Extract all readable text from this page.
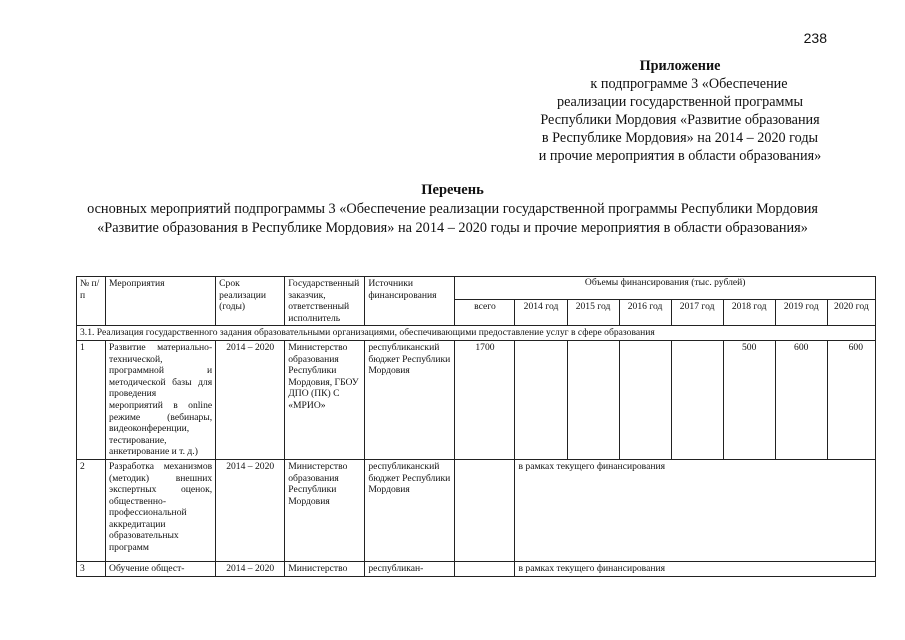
238
Приложение
к подпрограмме 3 «Обеспечение
реализации государственной программы
Республики Мордовия «Развитие образования
в Республике Мордовия» на 2014 – 2020 годы
и прочие мероприятия в области образования»
Перечень
основных мероприятий подпрограммы 3 «Обеспечение реализации государственной программы Республики Мордовия «Развитие образования в Республике Мордовия» на 2014 – 2020 годы и прочие мероприятия в области образования»
№ п/п	Мероприятия	Срок реализации (годы)	Государственный заказчик, ответственный исполнитель	Источники финансирования	Объемы финансирования (тыс. рублей)							
					всего	2014 год	2015 год	2016 год	2017 год	2018 год	2019 год	2020 год
3.1. Реализация государственного задания образовательными организациями, обеспечивающими предоставление услуг в сфере образования												
1	Развитие материально-технической, программной и методической базы для проведения мероприятий в online режиме (вебинары, видеоконференции, тестирование, анкетирование и т. д.)	2014 – 2020	Министерство образования Республики Мордовия, ГБОУ ДПО (ПК) С «МРИО»	республиканский бюджет Республики Мордовия	1700					500	600	600
2	Разработка механизмов (методик) внешних экспертных оценок, общественно-профессиональной аккредитации образовательных программ	2014 – 2020	Министерство образования Республики Мордовия	республиканский бюджет Республики Мордовия		в рамках текущего финансирования						
3	Обучение общест-	2014 – 2020	Министерство	республикан-		в рамках текущего финансирования						
